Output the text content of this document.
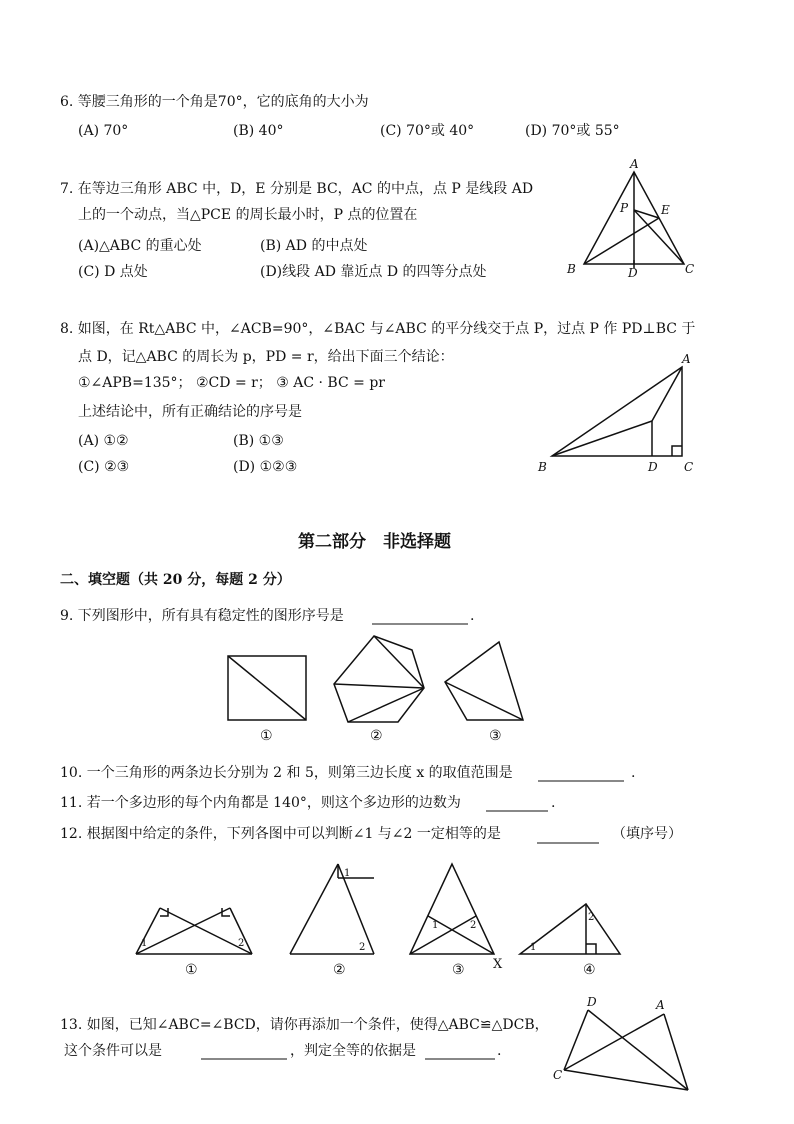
6. 等腰三角形的一个角是70°，它的底角的大小为
(A) 70°	(B) 40°	(C) 70°或 40°	(D) 70°或 55°
7. 在等边三角形 ABC 中，D，E 分别是 BC，AC 的中点，点 P 是线段 AD
上的一个动点，当△PCE 的周长最小时，P 点的位置在
(A)△ABC 的重心处	(B) AD 的中点处
(C) D 点处	(D)线段 AD 靠近点 D 的四等分点处
A
P	E
B	D	C
8. 如图，在 Rt△ABC 中，∠ACB=90°，∠BAC 与∠ABC 的平分线交于点 P，过点 P 作 PD⊥BC 于
点 D，记△ABC 的周长为 p，PD = r，给出下面三个结论：
①∠APB=135°； ②CD = r； ③ AC · BC = pr
上述结论中，所有正确结论的序号是
(A) ①②	(B) ①③
(C) ②③	(D) ①②③
A
B	D C
第二部分　非选择题
二、填空题（共 20 分，每题 2 分）
9. 下列图形中，所有具有稳定性的图形序号是	.
①	②	③
10. 一个三角形的两条边长分别为 2 和 5，则第三边长度 x 的取值范围是	.
11. 若一个多边形的每个内角都是 140°，则这个多边形的边数为	.
12. 根据图中给定的条件，下列各图中可以判断∠1 与∠2 一定相等的是	（填序号）
1	2
1
2
1	2
1
2
X
①	②	③	④
13. 如图，已知∠ABC=∠BCD，请你再添加一个条件，使得△ABC≌△DCB，
这个条件可以是	，判定全等的依据是	.
D	A
C
